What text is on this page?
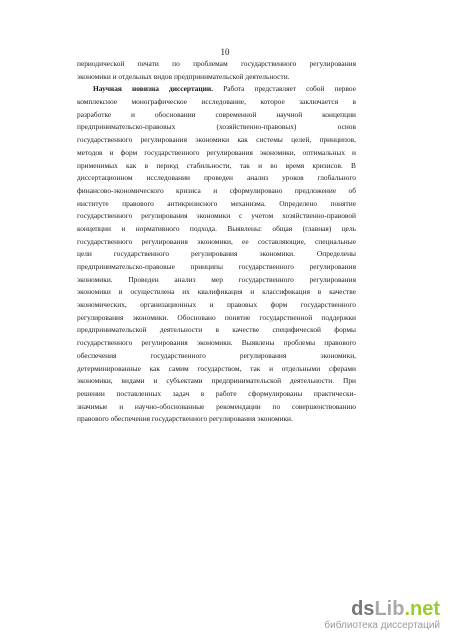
10
периодической печати по проблемам государственного регулирования
экономики и отдельных видов предпринимательской деятельности.
Научная новизна диссертации. Работа представляет собой первое
комплексное монографическое исследование, которое заключается в
разработке и обосновании современной научной концепции
предпринимательско-правовых (хозяйственно-правовых) основ
государственного регулирования экономики как системы целей, принципов,
методов и форм государственного регулирования экономики, оптимальных и
применимых как в период стабильности, так и во время кризисов. В
диссертационном исследовании проведен анализ уроков глобального
финансово-экономического кризиса и сформулировано предложение об
институте правового антикризисного механизма. Определено понятие
государственного регулирования экономики с учетом хозяйственно-правовой
концепции и нормативного подхода. Выявлены: общая (главная) цель
государственного регулирования экономики, ее составляющие, специальные
цели государственного регулирования экономики. Определены
предпринимательско-правовые принципы государственного регулирования
экономики. Проведен анализ мер государственного регулирования
экономики и осуществлена их квалификация и классификация в качестве
экономических, организационных и правовых форм государственного
регулирования экономики. Обосновано понятие государственной поддержки
предпринимательской деятельности в качестве специфической формы
государственного регулирования экономики. Выявлены проблемы правового
обеспечения государственного регулирования экономики,
детерминированные как самим государством, так и отдельными сферами
экономики, видами и субъектами предпринимательской деятельности. При
решении поставленных задач в работе сформулированы практически-
значимые и научно-обоснованные рекомендации по совершенствованию
правового обеспечения государственного регулирования экономики.
dsLib.net
библиотека диссертаций
